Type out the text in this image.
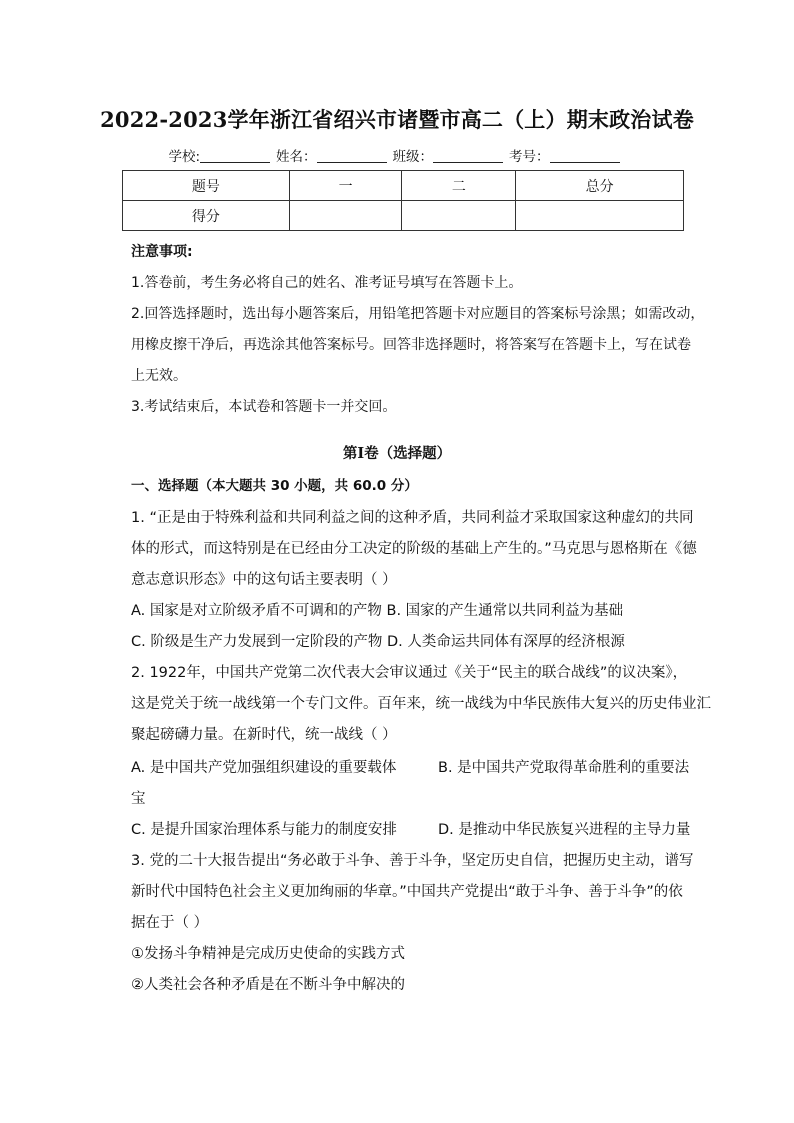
2022-2023学年浙江省绍兴市诸暨市高二（上）期末政治试卷
学校:	姓名：	班级：	考号：
题号	一	二	总分
得分			
注意事项:
1.答卷前，考生务必将自己的姓名、准考证号填写在答题卡上。
2.回答选择题时，选出每小题答案后，用铅笔把答题卡对应题目的答案标号涂黑；如需改动，
用橡皮擦干净后，再选涂其他答案标号。回答非选择题时，将答案写在答题卡上，写在试卷
上无效。
3.考试结束后，本试卷和答题卡一并交回。
第I卷（选择题）
一、选择题（本大题共 30 小题，共 60.0 分）
1. “正是由于特殊利益和共同利益之间的这种矛盾，共同利益才采取国家这种虚幻的共同
体的形式，而这特别是在已经由分工决定的阶级的基础上产生的。”马克思与恩格斯在《德
意志意识形态》中的这句话主要表明（ ）
A. 国家是对立阶级矛盾不可调和的产物 B. 国家的产生通常以共同利益为基础
C. 阶级是生产力发展到一定阶段的产物 D. 人类命运共同体有深厚的经济根源
2. 1922年，中国共产党第二次代表大会审议通过《关于“民主的联合战线”的议决案》，
这是党关于统一战线第一个专门文件。百年来，统一战线为中华民族伟大复兴的历史伟业汇
聚起磅礴力量。在新时代，统一战线（ ）
A. 是中国共产党加强组织建设的重要载体	B. 是中国共产党取得革命胜利的重要法
宝
C. 是提升国家治理体系与能力的制度安排	D. 是推动中华民族复兴进程的主导力量
3. 党的二十大报告提出“务必敢于斗争、善于斗争，坚定历史自信，把握历史主动，谱写
新时代中国特色社会主义更加绚丽的华章。”中国共产党提出“敢于斗争、善于斗争”的依
据在于（ ）
①发扬斗争精神是完成历史使命的实践方式
②人类社会各种矛盾是在不断斗争中解决的
